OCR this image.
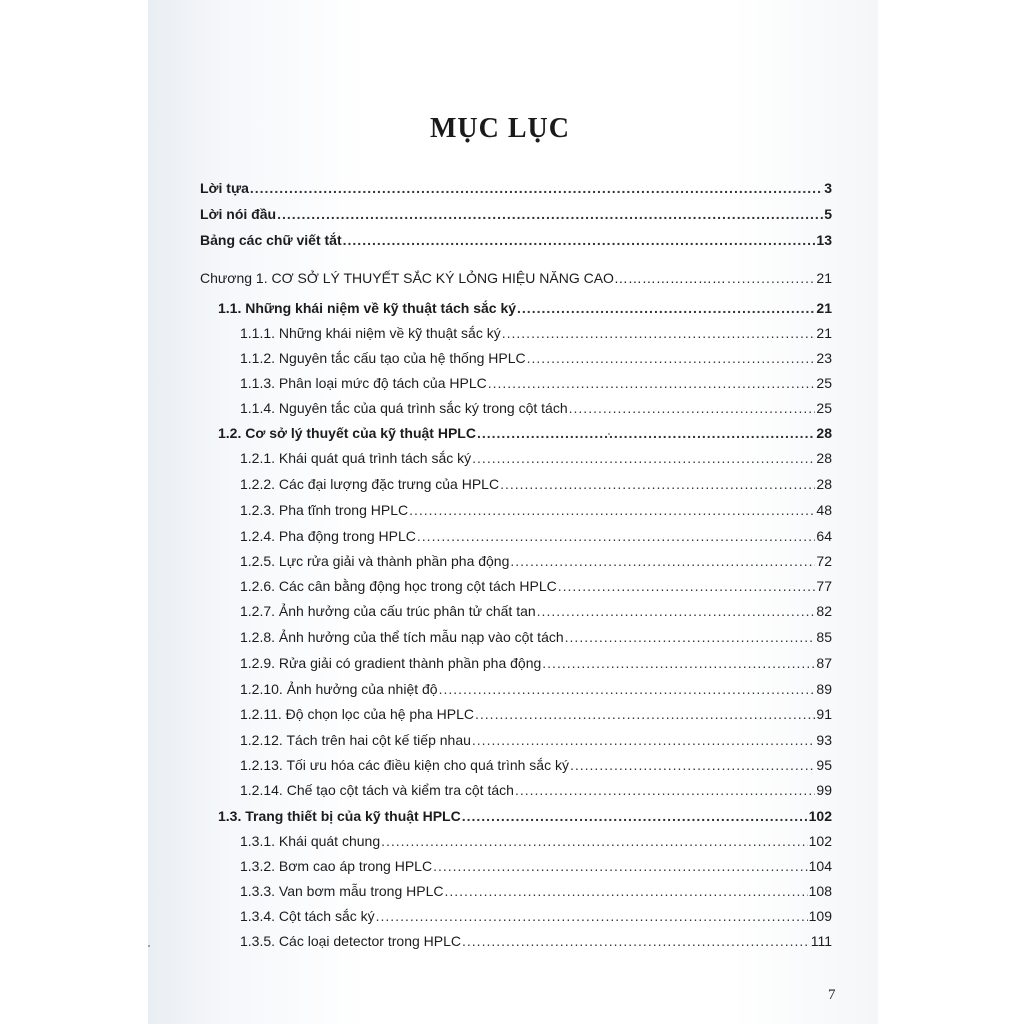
MỤC LỤC
Lời tựa .....	3
Lời nói đầu .....	5
Bảng các chữ viết tắt .....	13
Chương 1. CƠ SỞ LÝ THUYẾT SẮC KÝ LỎNG HIỆU NĂNG CAO…………………… .....	21
1.1. Những khái niệm về kỹ thuật tách sắc ký .....	21
1.1.1. Những khái niệm về kỹ thuật sắc ký .....	21
1.1.2. Nguyên tắc cấu tạo của hệ thống HPLC .....	23
1.1.3. Phân loại mức độ tách của HPLC .....	25
1.1.4. Nguyên tắc của quá trình sắc ký trong cột tách .....	25
1.2. Cơ sở lý thuyết của kỹ thuật HPLC .....	28
1.2.1. Khái quát quá trình tách sắc ký .....	28
1.2.2. Các đại lượng đặc trưng của HPLC .....	28
1.2.3. Pha tĩnh trong HPLC .....	48
1.2.4. Pha động trong HPLC .....	64
1.2.5. Lực rửa giải và thành phần pha động .....	72
1.2.6. Các cân bằng động học trong cột tách HPLC .....	77
1.2.7. Ảnh hưởng của cấu trúc phân tử chất tan .....	82
1.2.8. Ảnh hưởng của thể tích mẫu nạp vào cột tách .....	85
1.2.9. Rửa giải có gradient thành phần pha động .....	87
1.2.10. Ảnh hưởng của nhiệt độ .....	89
1.2.11. Độ chọn lọc của hệ pha HPLC .....	91
1.2.12. Tách trên hai cột kế tiếp nhau .....	93
1.2.13. Tối ưu hóa các điều kiện cho quá trình sắc ký .....	95
1.2.14. Chế tạo cột tách và kiểm tra cột tách .....	99
1.3. Trang thiết bị của kỹ thuật HPLC .....	102
1.3.1. Khái quát chung .....	102
1.3.2. Bơm cao áp trong HPLC .....	104
1.3.3. Van bơm mẫu trong HPLC .....	108
1.3.4. Cột tách sắc ký .....	109
1.3.5. Các loại detector trong HPLC .....	111
7
